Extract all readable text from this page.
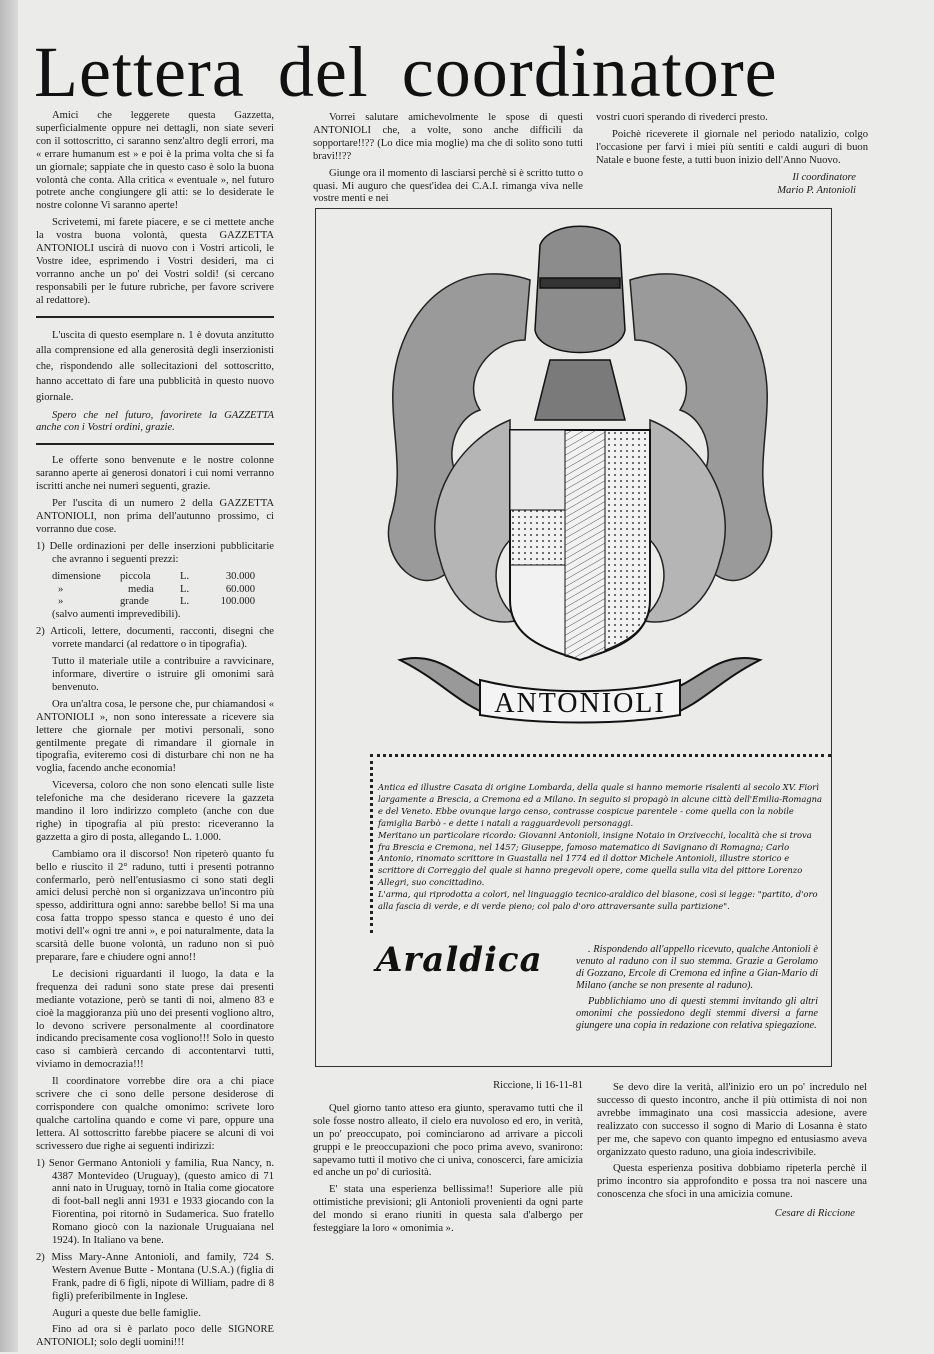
Lettera del coordinatore

Amici che leggerete questa Gazzetta, superficialmente oppure nei dettagli, non siate severi con il sottoscritto, ci saranno senz'altro degli errori, ma « errare humanum est » e poi è la prima volta che si fa un giornale; sappiate che in questo caso è solo la buona volontà che conta. Alla critica « eventuale », nel futuro potrete anche congiungere gli atti: se lo desiderate le nostre colonne Vi saranno aperte!

Scrivetemi, mi farete piacere, e se ci mettete anche la vostra buona volontà, questa GAZZETTA ANTONIOLI uscirà di nuovo con i Vostri articoli, le Vostre idee, esprimendo i Vostri desideri, ma ci vorranno anche un po' dei Vostri soldi! (si cercano responsabili per le future rubriche, per favore scrivere al redattore).

L'uscita di questo esemplare n. 1 è dovuta anzitutto alla comprensione ed alla generosità degli inserzionisti che, rispondendo alle sollecitazioni del sottoscritto, hanno accettato di fare una pubblicità in questo nuovo giornale.

Spero che nel futuro, favorirete la GAZZETTA anche con i Vostri ordini, grazie.

Le offerte sono benvenute e le nostre colonne saranno aperte ai generosi donatori i cui nomi verranno iscritti anche nei numeri seguenti, grazie.

Per l'uscita di un numero 2 della GAZZETTA ANTONIOLI, non prima dell'autunno prossimo, ci vorranno due cose.

1) Delle ordinazioni per delle inserzioni pubblicitarie che avranno i seguenti prezzi:
dimensione	piccola	L.	30.000
»	media	L.	60.000
»	grande	L.	100.000

(salvo aumenti imprevedibili).

2) Articoli, lettere, documenti, racconti, disegni che vorrete mandarci (al redattore o in tipografia).

Tutto il materiale utile a contribuire a ravvicinare, informare, divertire o istruire gli omonimi sarà benvenuto.

Ora un'altra cosa, le persone che, pur chiamandosi « ANTONIOLI », non sono interessate a ricevere sia lettere che giornale per motivi personali, sono gentilmente pregate di rimandare il giornale in tipografia, eviteremo così di disturbare chi non ne ha voglia, facendo anche economia!

Viceversa, coloro che non sono elencati sulle liste telefoniche ma che desiderano ricevere la gazzeta mandino il loro indirizzo completo (anche con due righe) in tipografia al più presto: riceveranno la gazzetta a giro di posta, allegando L. 1.000.

Cambiamo ora il discorso! Non ripeterò quanto fu bello e riuscito il 2° raduno, tutti i presenti potranno confermarlo, però nell'entusiasmo ci sono stati degli amici delusi perchè non si organizzava un'incontro più spesso, addirittura ogni anno: sarebbe bello! Si ma una cosa fatta troppo spesso stanca e questo é uno dei motivi dell'« ogni tre anni », e poi naturalmente, data la scarsità delle buone volontà, un raduno non si può preparare, fare e chiudere ogni anno!!

Le decisioni riguardanti il luogo, la data e la frequenza dei raduni sono state prese dai presenti mediante votazione, però se tanti di noi, almeno 83 e cioè la maggioranza più uno dei presenti vogliono altro, lo devono scrivere personalmente al coordinatore indicando precisamente cosa vogliono!!! Solo in questo caso si cambierà cercando di accontentarvi tutti, viviamo in democrazia!!!

Il coordinatore vorrebbe dire ora a chi piace scrivere che ci sono delle persone desiderose di corrispondere con qualche omonimo: scrivete loro qualche cartolina quando e come vi pare, oppure una lettera. Al sottoscritto farebbe piacere se alcuni di voi scrivessero due righe ai seguenti indirizzi:

1) Senor Germano Antonioli y familia, Rua Nancy, n. 4387 Montevideo (Uruguay), (questo amico di 71 anni nato in Uruguay, tornò in Italia come giocatore di foot-ball negli anni 1931 e 1933 giocando con la Fiorentina, poi ritornò in Sudamerica. Suo fratello Romano giocò con la nazionale Uruguaiana nel 1924). In Italiano va bene.
2) Miss Mary-Anne Antonioli, and family, 724 S. Western Avenue Butte - Montana (U.S.A.) (figlia di Frank, padre di 6 figli, nipote di William, padre di 8 figli) preferibilmente in Inglese.

Auguri a queste due belle famiglie.

Fino ad ora si è parlato poco delle SIGNORE ANTONIOLI; solo degli uomini!!!

Vorrei salutare amichevolmente le spose di questi ANTONIOLI che, a volte, sono anche difficili da sopportare!!?? (Lo dice mia moglie) ma che di solito sono tutti bravi!!??

Giunge ora il momento di lasciarsi perchè si è scritto tutto o quasi. Mi auguro che quest'idea dei C.A.I. rimanga viva nelle vostre menti e nei

vostri cuori sperando di rivederci presto.

Poichè riceverete il giornale nel periodo natalizio, colgo l'occasione per farvi i miei più sentiti e caldi auguri di buon Natale e buone feste, a tutti buon inizio dell'Anno Nuovo.

Il coordinatore
Mario P. Antonioli
ANTONIOLI

Antica ed illustre Casata di origine Lombarda, della quale si hanno memorie risalenti al secolo XV. Fiorì largamente a Brescia, a Cremona ed a Milano. In seguito si propagò in alcune città dell'Emilia-Romagna e del Veneto. Ebbe ovunque largo censo, contrasse cospicue parentele - come quella con la nobile famiglia Barbò - e dette i natali a ragguardevoli personaggi.

Meritano un particolare ricordo: Giovanni Antonioli, insigne Notaio in Orzivecchi, località che si trova fra Brescia e Cremona, nel 1457; Giuseppe, famoso matematico di Savignano di Romagna; Carlo Antonio, rinomato scrittore in Guastalla nel 1774 ed il dottor Michele Antonioli, illustre storico e scrittore di Correggio del quale si hanno pregevoli opere, come quella sulla vita del pittore Lorenzo Allegri, suo concittadino.

L'arma, qui riprodotta a colori, nel linguaggio tecnico-araldico del blasone, così si legge: "partito, d'oro alla fascia di verde, e di verde pieno; col palo d'oro attraversante sulla partizione".

Araldica	. Rispondendo all'appello ricevuto, qualche Antonioli è venuto al raduno con il suo stemma. Grazie a Gerolamo di Gozzano, Ercole di Cremona ed infine a Gian-Mario di Milano (anche se non presente al raduno).

Pubblichiamo uno di questi stemmi invitando gli altri omonimi che possiedono degli stemmi diversi a farne giungere una copia in redazione con relativa spiegazione.

Riccione, li 16-11-81

Quel giorno tanto atteso era giunto, speravamo tutti che il sole fosse nostro alleato, il cielo era nuvoloso ed ero, in verità, un po' preoccupato, poi cominciarono ad arrivare a piccoli gruppi e le preoccupazioni che poco prima avevo, svanirono: sapevamo tutti il motivo che ci univa, conoscerci, fare amicizia ed anche un po' di curiosità.

E' stata una esperienza bellissima!! Superiore alle più ottimistiche previsioni; gli Antonioli provenienti da ogni parte del mondo si erano riuniti in questa sala d'albergo per festeggiare la loro « omonimia ».

Se devo dire la verità, all'inizio ero un po' incredulo nel successo di questo incontro, anche il più ottimista di noi non avrebbe immaginato una così massiccia adesione, avere realizzato con successo il sogno di Mario di Losanna è stato per me, che sapevo con quanto impegno ed entusiasmo aveva organizzato questo raduno, una gioia indescrivibile.

Questa esperienza positiva dobbiamo ripeterla perchè il primo incontro sia approfondito e possa tra noi nascere una conoscenza che sfoci in una amicizia comune.

Cesare di Riccione
